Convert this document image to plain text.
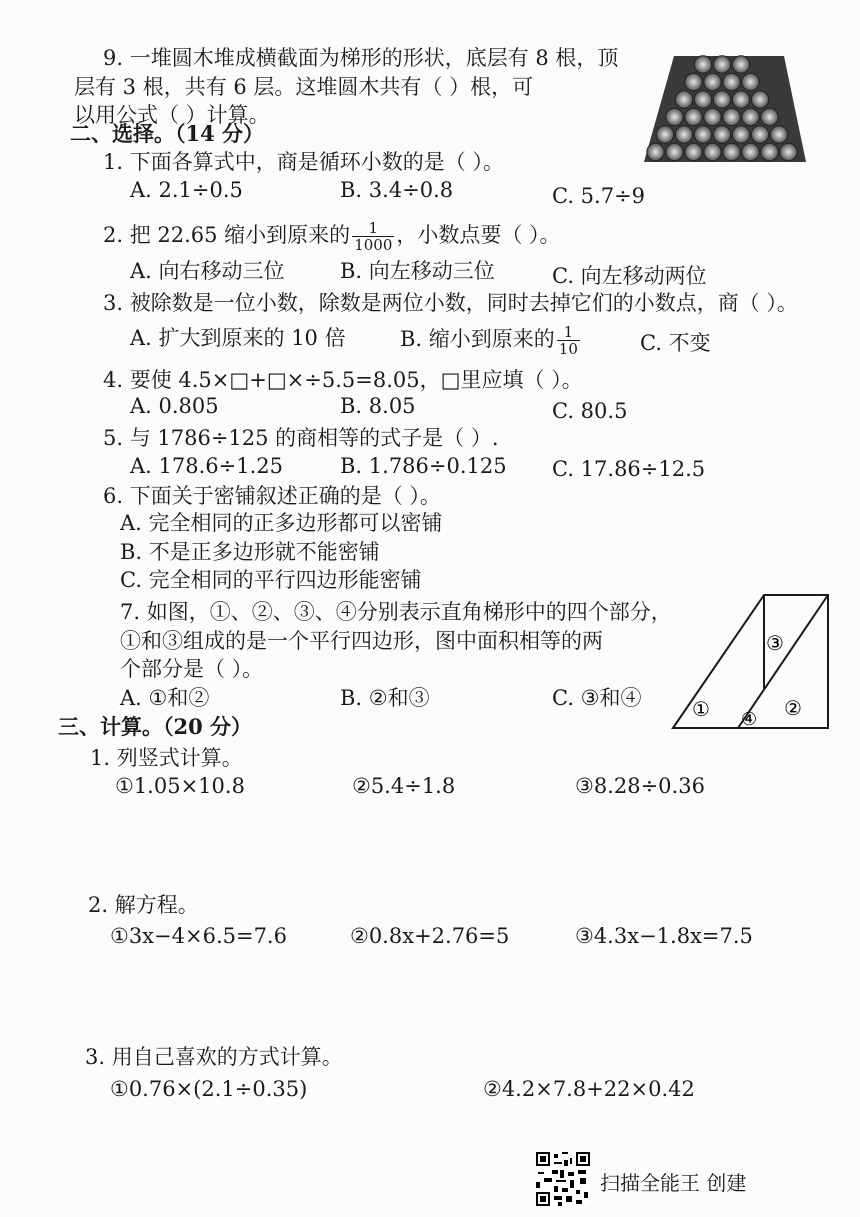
9. 一堆圆木堆成横截面为梯形的形状，底层有 8 根，顶
层有 3 根，共有 6 层。这堆圆木共有（ ）根，可
以用公式（ ）计算。
二、选择。（14 分）
1. 下面各算式中，商是循环小数的是（ ）。
A. 2.1÷0.5	B. 3.4÷0.8	C. 5.7÷9
2. 把 22.65 缩小到原来的 $\frac{1}{1000}$ ，小数点要（ ）。
A. 向右移动三位	B. 向左移动三位	C. 向左移动两位
3. 被除数是一位小数，除数是两位小数，同时去掉它们的小数点，商（ ）。
A. 扩大到原来的 10 倍	B. 缩小到原来的 $\frac{1}{10}$	C. 不变
4. 要使 4.5×□+□×÷5.5=8.05，□里应填（ ）。
A. 0.805	B. 8.05	C. 80.5
5. 与 1786÷125 的商相等的式子是（ ）.
A. 178.6÷1.25	B. 1.786÷0.125 C. 17.86÷12.5
6. 下面关于密铺叙述正确的是（ ）。
A. 完全相同的正多边形都可以密铺
B. 不是正多边形就不能密铺
C. 完全相同的平行四边形能密铺
7. 如图，①、②、③、④分别表示直角梯形中的四个部分，
①和③组成的是一个平行四边形，图中面积相等的两
个部分是（ ）。
A. ①和②	B. ②和③	C. ③和④	①	②
③
④
三、计算。（20 分）
1. 列竖式计算。
①1.05×10.8	②5.4÷1.8	③8.28÷0.36
2. 解方程。
①3x−4×6.5=7.6	②0.8x+2.76=5	③4.3x−1.8x=7.5
3. 用自己喜欢的方式计算。
①0.76×(2.1÷0.35)	②4.2×7.8+22×0.42
扫描全能王 创建
